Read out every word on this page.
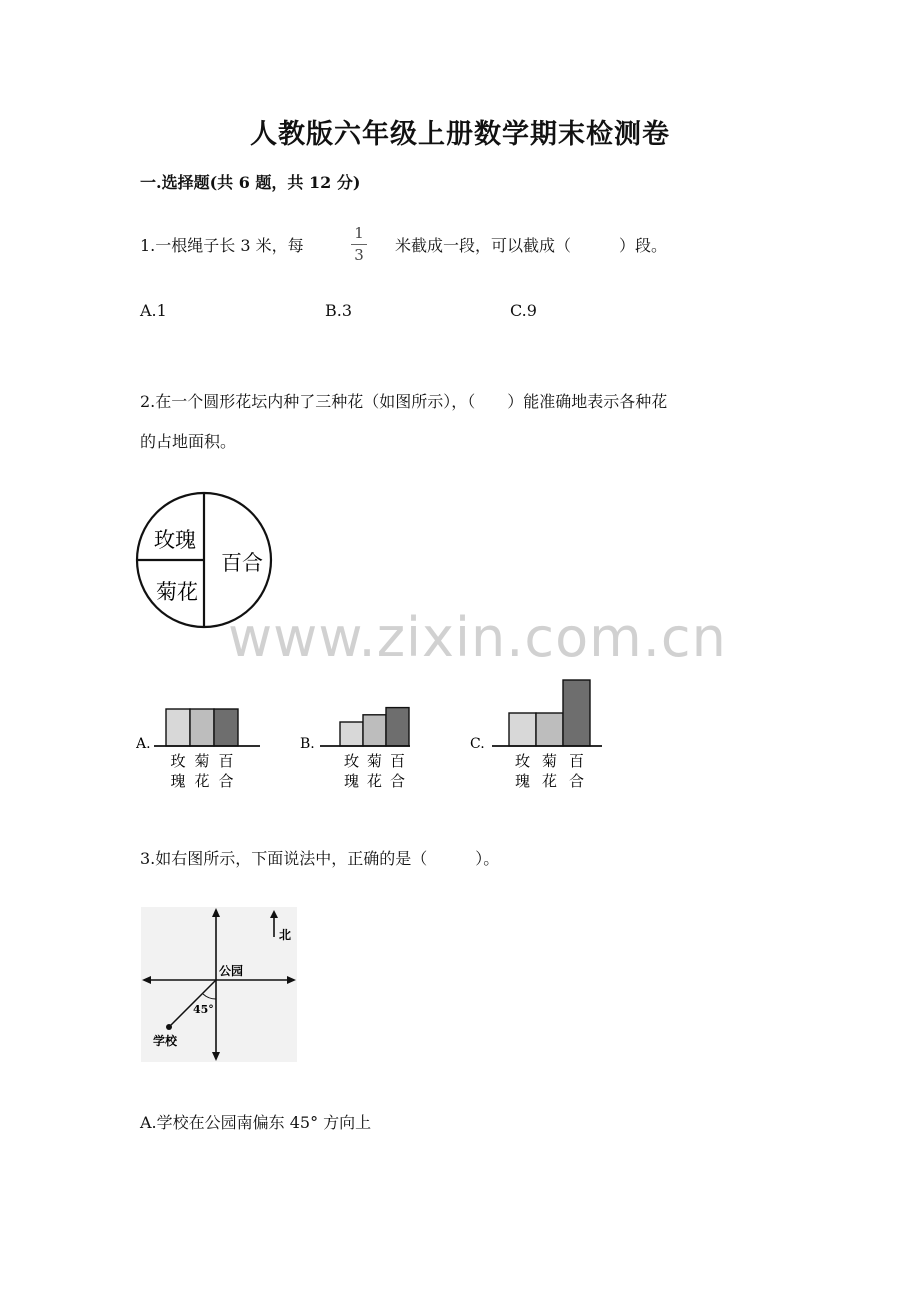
人教版六年级上册数学期末检测卷
一.选择题(共 6 题，共 12 分)
1.一根绳子长 3 米，每
1
3	米截成一段，可以截成（　　　）段。
A.1	B.3	C.9
2.在一个圆形花坛内种了三种花（如图所示），（　　）能准确地表示各种花
的占地面积。
玫瑰
菊花
百合
A.
玫
瑰
菊
花
百
合
B.
玫
瑰
菊
花
百
合
C.
玫
瑰
菊
花
百
合
www.zixin.com.cn
3.如右图所示，下面说法中，正确的是（　　　）。
北
公园
45°
学校
A.学校在公园南偏东 45° 方向上
